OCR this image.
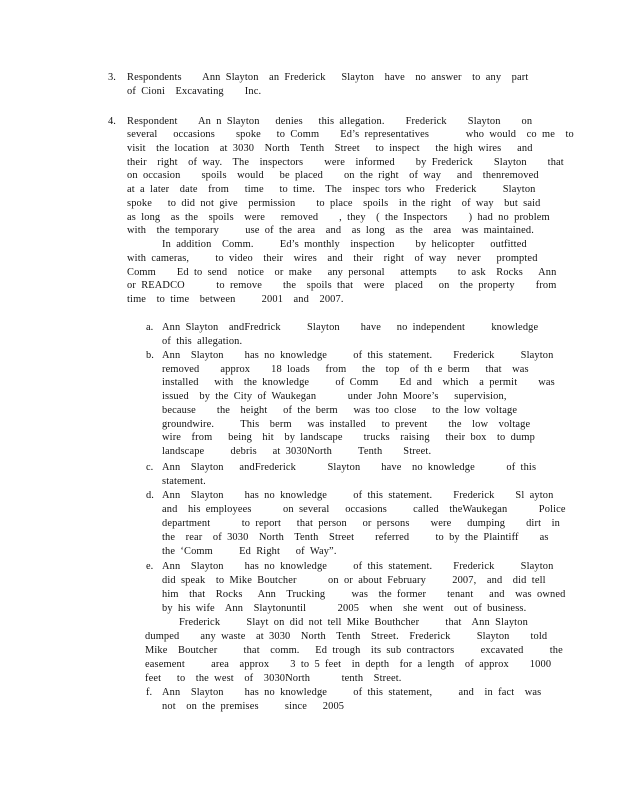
3. Respondents    Ann Slayton  an Frederick   Slayton  have  no answer  to any  part
of Cioni  Excavating    Inc.
4. Respondent    An n Slayton   denies   this allegation.    Frederick    Slayton    on
several   occasions    spoke   to Comm    Ed’s representatives       who would  co me  to
visit  the location  at 3030  North  Tenth  Street   to inspect   the high wires   and
their  right  of way.  The  inspectors    were  informed    by Frederick    Slayton    that
on occasion    spoils  would   be placed    on the right  of way   and  thenremoved
at a later  date  from   time   to time.  The  inspec tors who  Frederick     Slayton
spoke   to did not give  permission    to place  spoils  in the right  of way  but said
as long  as the  spoils  were   removed    , they  ( the Inspectors    ) had no problem
with  the temporary     use of the area  and  as long  as the  area  was maintained.
In addition  Comm.     Ed’s monthly  inspection    by helicopter   outfitted
with cameras,     to video  their  wires  and  their  right  of way  never   prompted
Comm    Ed to send  notice  or make   any personal   attempts    to ask  Rocks   Ann
or READCO      to remove    the  spoils that  were  placed   on  the property    from
time  to time  between     2001  and  2007.
a. Ann Slayton  andFredrick     Slayton    have   no independent     knowledge
of this allegation.
b. Ann  Slayton    has no knowledge     of this statement.    Frederick     Slayton
removed    approx    18 loads   from   the  top  of th e berm   that  was
installed   with  the knowledge     of Comm    Ed and  which  a permit    was
issued  by the City of Waukegan      under John Moore’s   supervision,
because    the  height   of the berm   was too close   to the low voltage
groundwire.     This  berm   was installed   to prevent    the  low  voltage
wire  from   being  hit  by landscape    trucks  raising   their box  to dump
landscape     debris   at 3030North     Tenth    Street.
c. Ann  Slayton   andFrederick      Slayton    have  no knowledge      of this
statement.
d. Ann  Slayton    has no knowledge     of this statement.    Frederick    Sl ayton
and  his employees      on several   occasions     called  theWaukegan      Police
department      to report   that person   or persons    were   dumping    dirt  in
the  rear  of 3030  North  Tenth  Street    referred     to by the Plaintiff    as
the ‘Comm     Ed Right   of Way”.
e. Ann  Slayton    has no knowledge     of this statement.    Frederick     Slayton
did speak  to Mike Boutcher      on or about February     2007,  and  did tell
him  that  Rocks   Ann  Trucking     was  the former    tenant   and  was owned
by his wife  Ann  Slaytonuntil      2005  when  she went  out of business.
Frederick     Slayt on did not tell Mike Bouthcher     that  Ann Slayton
dumped    any waste  at 3030  North  Tenth  Street.  Frederick     Slayton    told
Mike  Boutcher     that  comm.   Ed trough  its sub contractors     excavated     the
easement     area  approx    3 to 5 feet  in depth  for a length  of approx    1000
feet   to  the west  of  3030North      tenth  Street.
f. Ann  Slayton    has no knowledge     of this statement,     and  in fact  was
not  on the premises     since   2005
